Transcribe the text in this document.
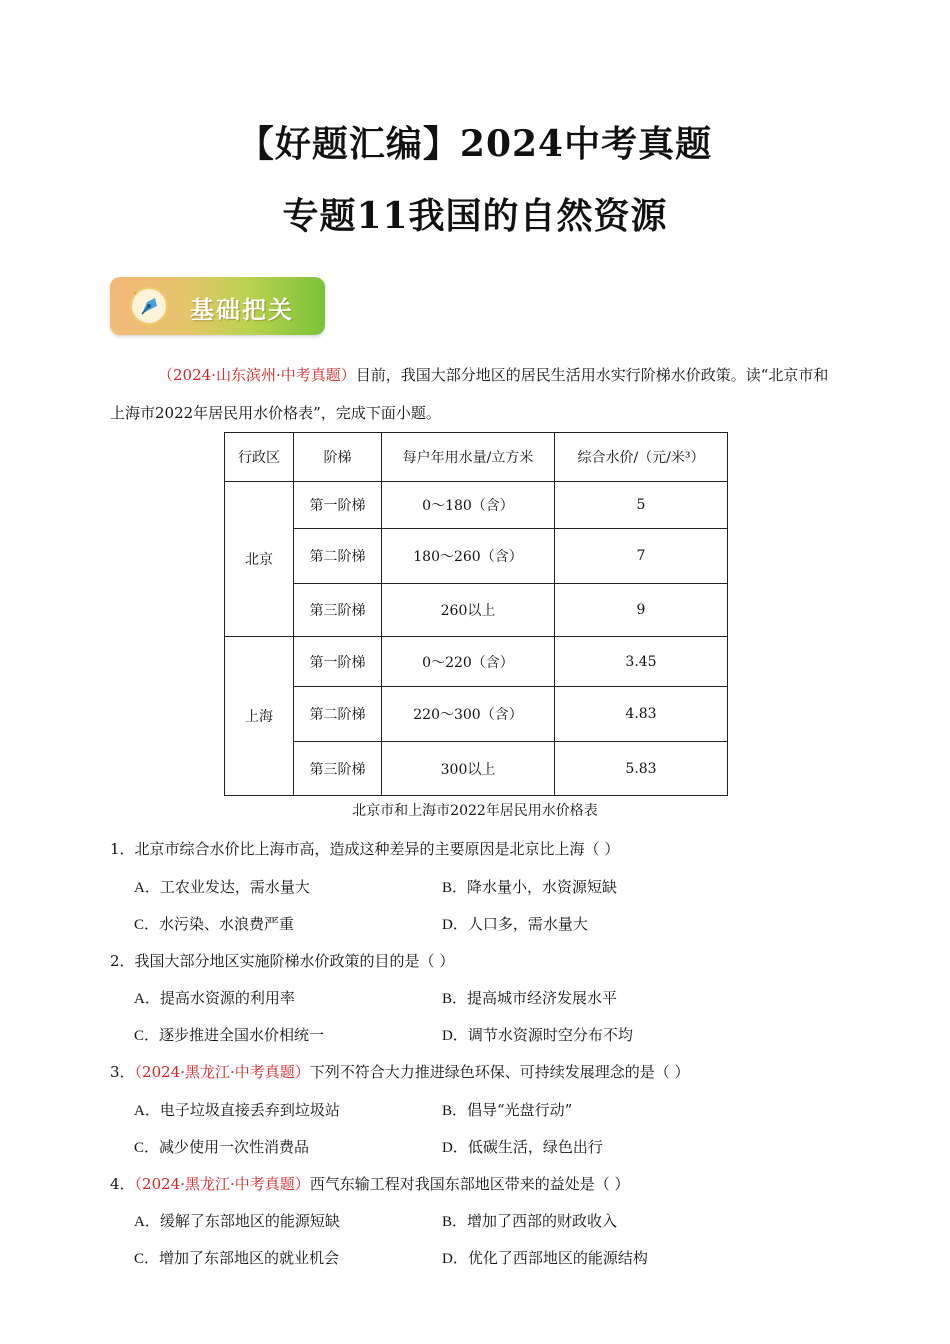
【好题汇编】2024中考真题
专题11我国的自然资源
基础把关
（2024·山东滨州·中考真题）目前，我国大部分地区的居民生活用水实行阶梯水价政策。读“北京市和上海市2022年居民用水价格表”，完成下面小题。
行政区	阶梯	每户年用水量/立方米	综合水价/（元/米³）
北京	第一阶梯	0～180（含）	5
	第二阶梯	180～260（含）	7
	第三阶梯	260以上	9
上海	第一阶梯	0～220（含）	3.45
	第二阶梯	220～300（含）	4.83
	第三阶梯	300以上	5.83
北京市和上海市2022年居民用水价格表
1．北京市综合水价比上海市高，造成这种差异的主要原因是北京比上海（ ）
A．工农业发达，需水量大	B．降水量小，水资源短缺
C．水污染、水浪费严重	D．人口多，需水量大
2．我国大部分地区实施阶梯水价政策的目的是（ ）
A．提高水资源的利用率	B．提高城市经济发展水平
C．逐步推进全国水价相统一	D．调节水资源时空分布不均
3．（2024·黑龙江·中考真题）下列不符合大力推进绿色环保、可持续发展理念的是（ ）
A．电子垃圾直接丢弃到垃圾站	B．倡导“光盘行动”
C．减少使用一次性消费品	D．低碳生活，绿色出行
4．（2024·黑龙江·中考真题）西气东输工程对我国东部地区带来的益处是（ ）
A．缓解了东部地区的能源短缺	B．增加了西部的财政收入
C．增加了东部地区的就业机会	D．优化了西部地区的能源结构
